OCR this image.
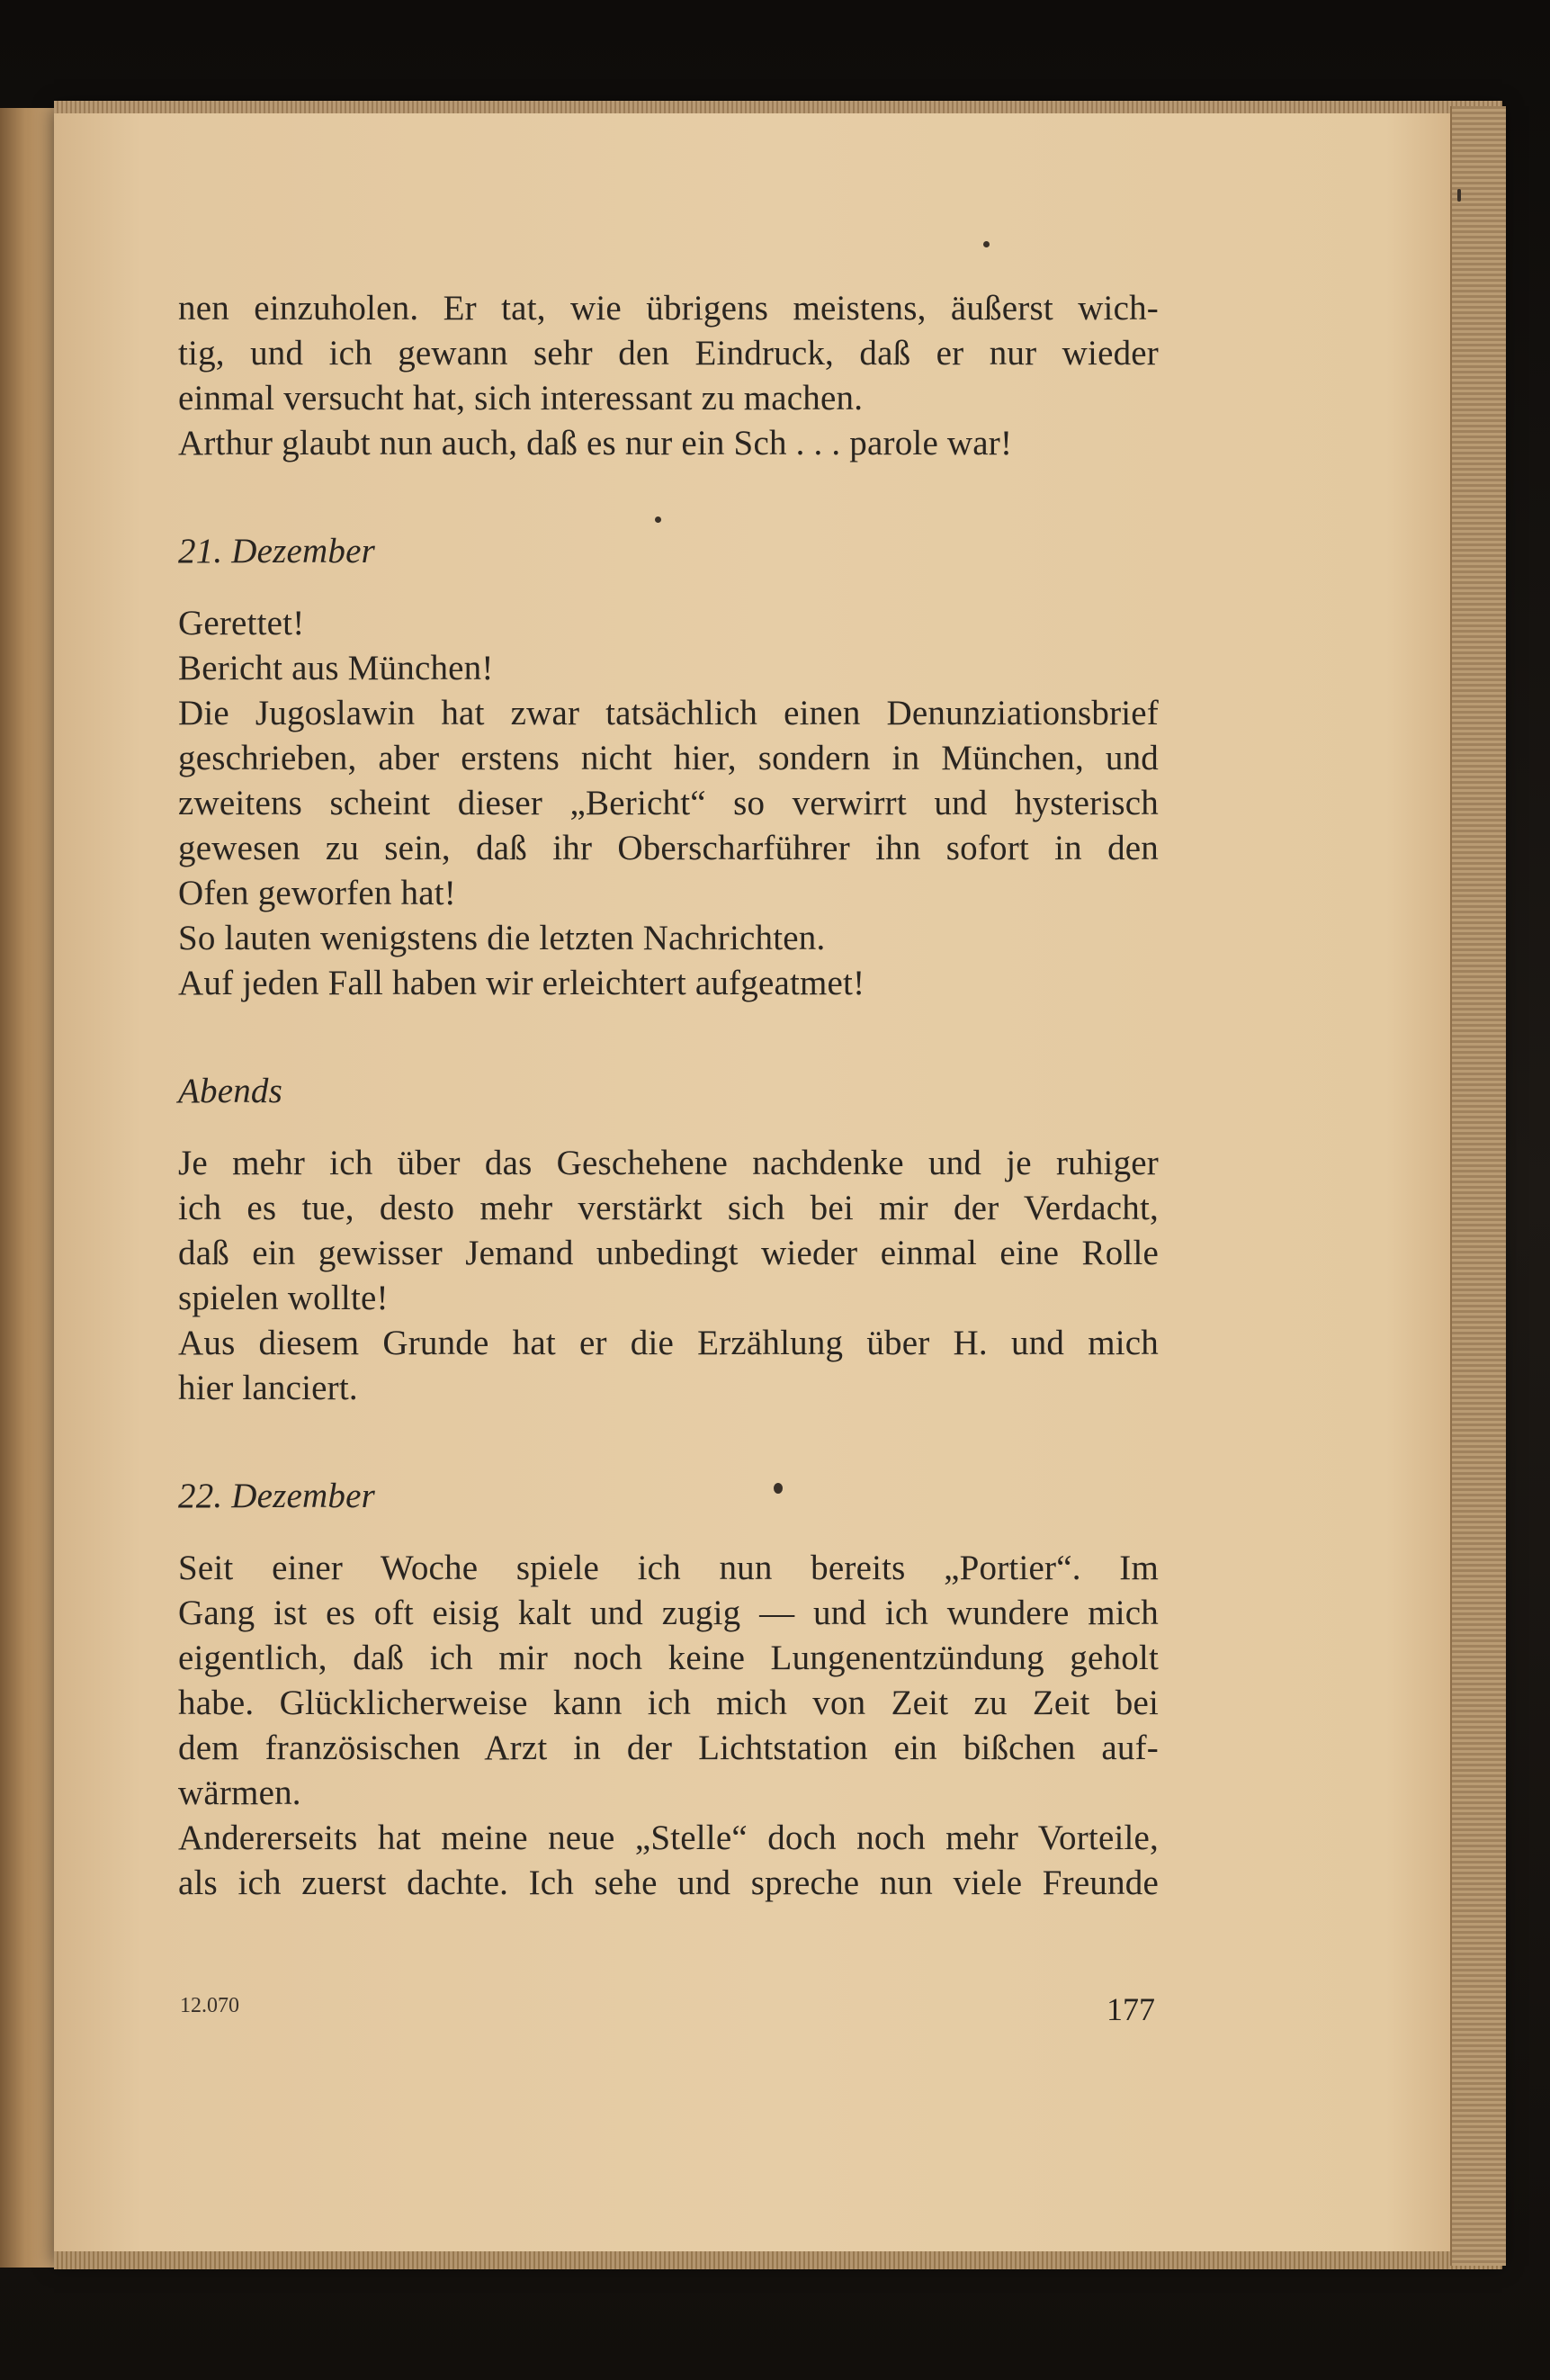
nen einzuholen. Er tat, wie übrigens meistens, äußerst wich-
tig, und ich gewann sehr den Eindruck, daß er nur wieder
einmal versucht hat, sich interessant zu machen.
Arthur glaubt nun auch, daß es nur ein Sch . . . parole war!
21. Dezember
Gerettet!
Bericht aus München!
Die Jugoslawin hat zwar tatsächlich einen Denunziationsbrief
geschrieben, aber erstens nicht hier, sondern in München, und
zweitens scheint dieser „Bericht“ so verwirrt und hysterisch
gewesen zu sein, daß ihr Oberscharführer ihn sofort in den
Ofen geworfen hat!
So lauten wenigstens die letzten Nachrichten.
Auf jeden Fall haben wir erleichtert aufgeatmet!
Abends
Je mehr ich über das Geschehene nachdenke und je ruhiger
ich es tue, desto mehr verstärkt sich bei mir der Verdacht,
daß ein gewisser Jemand unbedingt wieder einmal eine Rolle
spielen wollte!
Aus diesem Grunde hat er die Erzählung über H. und mich
hier lanciert.
22. Dezember
Seit einer Woche spiele ich nun bereits „Portier“. Im
Gang ist es oft eisig kalt und zugig — und ich wundere mich
eigentlich, daß ich mir noch keine Lungenentzündung geholt
habe. Glücklicherweise kann ich mich von Zeit zu Zeit bei
dem französischen Arzt in der Lichtstation ein bißchen auf-
wärmen.
Andererseits hat meine neue „Stelle“ doch noch mehr Vorteile,
als ich zuerst dachte. Ich sehe und spreche nun viele Freunde
12.070	177
